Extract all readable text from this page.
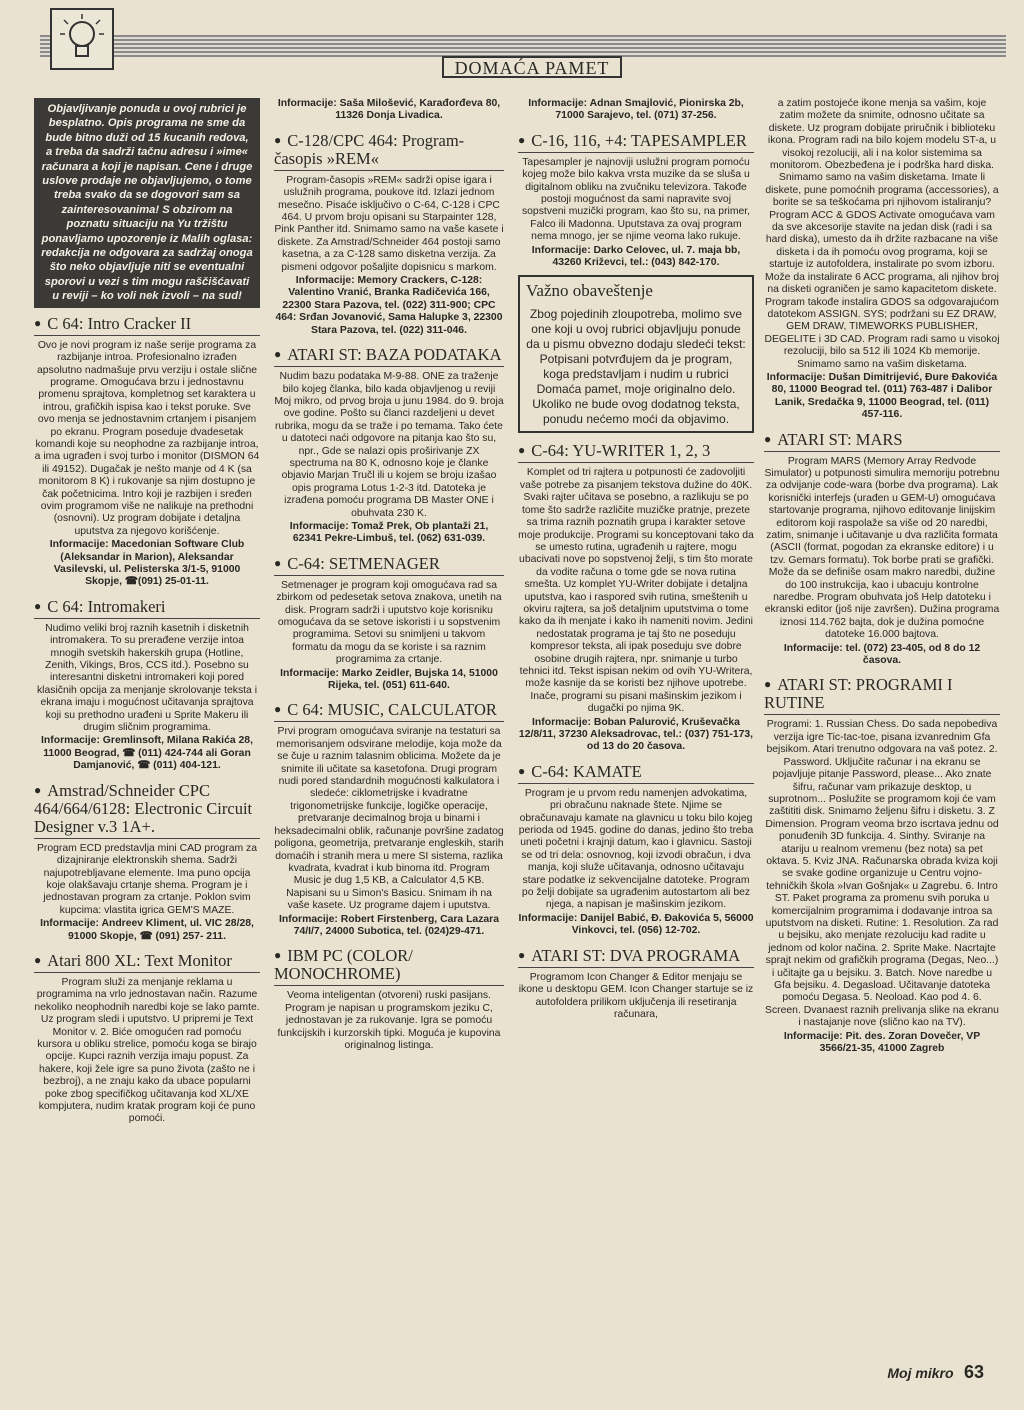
DOMAĆA PAMET
Objavljivanje ponuda u ovoj rubrici je besplatno. Opis programa ne sme da bude bitno duži od 15 kucanih redova, a treba da sadrži tačnu adresu i »ime« računara a koji je napisan. Cene i druge uslove prodaje ne objavljujemo, o tome treba svako da se dogovori sam sa zainteresovanima! S obzirom na poznatu situaciju na Yu tržištu ponavljamo upozorenje iz Malih oglasa: redakcija ne odgovara za sadržaj onoga što neko objavljuje niti se eventualni sporovi u vezi s tim mogu raščišćavati u reviji – ko voli nek izvoli – na sud!
● C 64: Intro Cracker II
Ovo je novi program iz naše serije programa za razbijanje introa. Profesionalno izrađen apsolutno nadmašuje prvu verziju i ostale slične programe. Omogućava brzu i jednostavnu promenu sprajtova, kompletnog set karaktera u introu, grafičkih ispisa kao i tekst poruke. Sve ovo menja se jednostavnim crtanjem i pisanjem po ekranu. Program poseduje dvadesetak komandi koje su neophodne za razbijanje introa, a ima ugrađen i svoj turbo i monitor (DISMON 64 ili 49152). Dugačak je nešto manje od 4 K (sa monitorom 8 K) i rukovanje sa njim dostupno je čak početnicima. Intro koji je razbijen i sređen ovim programom više ne nalikuje na prethodni (osnovni). Uz program dobijate i detaljna uputstva za njegovo korišćenje.
Informacije: Macedonian Software Club (Aleksandar in Marion), Aleksandar Vasilevski, ul. Pelisterska 3/1-5, 91000 Skopje, ☎(091) 25-01-11.
● C 64: Intromakeri
Nudimo veliki broj raznih kasetnih i disketnih intromakera. To su prerađene verzije intoa mnogih svetskih hakerskih grupa (Hotline, Zenith, Vikings, Bros, CCS itd.). Posebno su interesantni disketni intromakeri koji pored klasičnih opcija za menjanje skrolovanje teksta i ekrana imaju i mogućnost učitavanja sprajtova koji su prethodno urađeni u Sprite Makeru ili drugim sličnim programima.
Informacije: Gremlinsoft, Milana Rakića 28, 11000 Beograd, ☎ (011) 424-744 ali Goran Damjanović, ☎ (011) 404-121.
● Amstrad/Schneider CPC 464/664/6128: Electronic Circuit Designer v.3 1A+.
Program ECD predstavlja mini CAD program za dizajniranje elektronskih shema. Sadrži najupotrebljavane elemente. Ima puno opcija koje olakšavaju crtanje shema. Program je i jednostavan program za crtanje. Poklon svim kupcima: vlastita igrica GEM'S MAZE.
Informacije: Andreev Kliment, ul. VIC 28/28, 91000 Skopje, ☎ (091) 257- 211.
● Atari 800 XL: Text Monitor
Program služi za menjanje reklama u programima na vrlo jednostavan način. Razume nekoliko neophodnih naredbi koje se lako pamte. Uz program sledi i uputstvo. U pripremi je Text Monitor v. 2. Biće omogućen rad pomoću kursora u obliku strelice, pomoću koga se birajo opcije. Kupci raznih verzija imaju popust. Za hakere, koji žele igre sa puno života (zašto ne i bezbroj), a ne znaju kako da ubace popularni poke zbog specifičkog učitavanja kod XL/XE kompjutera, nudim kratak program koji će puno pomoći.
Informacije: Saša Milošević, Karađorđeva 80, 11326 Donja Livadica.
● C-128/CPC 464: Program-časopis »REM«
Program-časopis »REM« sadrži opise igara i uslužnih programa, poukove itd. Izlazi jednom mesečno. Pisaće isključivo o C-64, C-128 i CPC 464. U prvom broju opisani su Starpainter 128, Pink Panther itd. Snimamo samo na vaše kasete i diskete. Za Amstrad/Schneider 464 postoji samo kasetna, a za C-128 samo disketna verzija. Za pismeni odgovor pošaljite dopisnicu s markom.
Informacije: Memory Crackers, C-128: Valentino Vranić, Branka Radičevića 166, 22300 Stara Pazova, tel. (022) 311-900; CPC 464: Srđan Jovanović, Sama Halupke 3, 22300 Stara Pazova, tel. (022) 311-046.
● ATARI ST: BAZA PODATAKA
Nudim bazu podataka M-9-88. ONE za traženje bilo kojeg članka, bilo kada objavljenog u reviji Moj mikro, od prvog broja u junu 1984. do 9. broja ove godine. Pošto su članci razdeljeni u devet rubrika, mogu da se traže i po temama. Tako ćete u datoteci naći odgovore na pitanja kao što su, npr., Gde se nalazi opis proširivanje ZX spectruma na 80 K, odnosno koje je članke objavio Marjan Tručl ili u kojem se broju izašao opis programa Lotus 1-2-3 itd. Datoteka je izrađena pomoću programa DB Master ONE i obuhvata 230 K.
Informacije: Tomaž Prek, Ob plantaži 21, 62341 Pekre-Limbuš, tel. (062) 631-039.
● C-64: SETMENAGER
Setmenager je program koji omogućava rad sa zbirkom od pedesetak setova znakova, unetih na disk. Program sadrži i uputstvo koje korisniku omogućava da se setove iskoristi i u sopstvenim programima. Setovi su snimljeni u takvom formatu da mogu da se koriste i sa raznim programima za crtanje.
Informacije: Marko Zeidler, Bujska 14, 51000 Rijeka, tel. (051) 611-640.
● C 64: MUSIC, CALCULATOR
Prvi program omogućava sviranje na testaturi sa memorisanjem odsvirane melodije, koja može da se čuje u raznim talasnim oblicima. Možete da je snimite ili učitate sa kasetofona. Drugi program nudi pored standardnih mogućnosti kalkulatora i sledeće: ciklometrijske i kvadratne trigonometrijske funkcije, logičke operacije, pretvaranje decimalnog broja u binarni i heksadecimalni oblik, računanje površine zadatog poligona, geometrija, pretvaranje engleskih, starih domaćih i stranih mera u mere SI sistema, razlika kvadrata, kvadrat i kub binoma itd. Program Music je dug 1,5 KB, a Calculator 4,5 KB. Napisani su u Simon's Basicu. Snimam ih na vaše kasete. Uz programe dajem i uputstva.
Informacije: Robert Firstenberg, Cara Lazara 74/I/7, 24000 Subotica, tel. (024)29-471.
● IBM PC (COLOR/ MONOCHROME)
Veoma inteligentan (otvoreni) ruski pasijans. Program je napisan u programskom jeziku C, jednostavan je za rukovanje. Igra se pomoću funkcijskih i kurzorskih tipki. Moguća je kupovina originalnog listinga.
Informacije: Adnan Smajlović, Pionirska 2b, 71000 Sarajevo, tel. (071) 37-256.
● C-16, 116, +4: TAPESAMPLER
Tapesampler je najnoviji uslužni program pomoću kojeg može bilo kakva vrsta muzike da se sluša u digitalnom obliku na zvučniku televizora. Takođe postoji mogućnost da sami napravite svoj sopstveni muzički program, kao što su, na primer, Falco ili Madonna. Uputstava za ovaj program nema mnogo, jer se njime veoma lako rukuje.
Informacije: Darko Celovec, ul. 7. maja bb, 43260 Križevci, tel.: (043) 842-170.
Važno obaveštenje
Zbog pojedinih zloupotreba, molimo sve one koji u ovoj rubrici objavljuju ponude da u pismu obvezno dodaju sledeći tekst: Potpisani potvrđujem da je program, koga predstavljam i nudim u rubrici Domaća pamet, moje originalno delo. Ukoliko ne bude ovog dodatnog teksta, ponudu nećemo moći da objavimo.
● C-64: YU-WRITER 1, 2, 3
Komplet od tri rajtera u potpunosti će zadovoljiti vaše potrebe za pisanjem tekstova dužine do 40K. Svaki rajter učitava se posebno, a razlikuju se po tome što sadrže različite muzičke pratnje, prezete sa trima raznih poznatih grupa i karakter setove moje produkcije. Programi su konceptovani tako da se umesto rutina, ugrađenih u rajtere, mogu ubacivati nove po sopstvenoj želji, s tim što morate da vodite računa o tome gde se nova rutina smešta. Uz komplet YU-Writer dobijate i detaljna uputstva, kao i raspored svih rutina, smeštenih u okviru rajtera, sa još detaljnim uputstvima o tome kako da ih menjate i kako ih nameniti novim. Jedini nedostatak programa je taj što ne poseduju kompresor teksta, ali ipak poseduju sve dobre osobine drugih rajtera, npr. snimanje u turbo tehnici itd. Tekst ispisan nekim od ovih YU-Writera, može kasnije da se koristi bez njihove upotrebe. Inače, programi su pisani mašinskim jezikom i dugački po njima 9K.
Informacije: Boban Palurović, Kruševačka 12/8/11, 37230 Aleksadrovac, tel.: (037) 751-173, od 13 do 20 časova.
● C-64: KAMATE
Program je u prvom redu namenjen advokatima, pri obračunu naknade štete. Njime se obračunavaju kamate na glavnicu u toku bilo kojeg perioda od 1945. godine do danas, jedino što treba uneti početni i krajnji datum, kao i glavnicu. Sastoji se od tri dela: osnovnog, koji izvodi obračun, i dva manja, koji služe učitavanja, odnosno učitavaju stare podatke iz sekvencijalne datoteke. Program po želji dobijate sa ugrađenim autostartom ali bez njega, a napisan je mašinskim jezikom.
Informacije: Danijel Babić, Đ. Đakovića 5, 56000 Vinkovci, tel. (056) 12-702.
● ATARI ST: DVA PROGRAMA
Programom Icon Changer & Editor menjaju se ikone u desktopu GEM. Icon Changer startuje se iz autofoldera prilikom uključenja ili resetiranja računara,
a zatim postojeće ikone menja sa vašim, koje zatim možete da snimite, odnosno učitate sa diskete. Uz program dobijate priručnik i biblioteku ikona. Program radi na bilo kojem modelu ST-a, u visokoj rezoluciji, ali i na kolor sistemima sa monitorom. Obezbeđena je i podrška hard diska. Snimamo samo na vašim disketama. Imate li diskete, pune pomoćnih programa (accessories), a borite se sa teškoćama pri njihovom istaliranju? Program ACC & GDOS Activate omogućava vam da sve akcesorije stavite na jedan disk (radi i sa hard diska), umesto da ih držite razbacane na više disketa i da ih pomoću ovog programa, koji se startuje iz autofoldera, instalirate po svom izboru. Može da instalirate 6 ACC programa, ali njihov broj na disketi ograničen je samo kapacitetom diskete. Program takođe instalira GDOS sa odgovarajućom datotekom ASSIGN. SYS; podržani su EZ DRAW, GEM DRAW, TIMEWORKS PUBLISHER, DEGELITE i 3D CAD. Program radi samo u visokoj rezoluciji, bilo sa 512 ili 1024 Kb memorije. Snimamo samo na vašim disketama.
Informacije: Dušan Dimitrijević, Đure Đakovića 80, 11000 Beograd tel. (011) 763-487 i Dalibor Lanik, Sredačka 9, 11000 Beograd, tel. (011) 457-116.
● ATARI ST: MARS
Program MARS (Memory Array Redvode Simulator) u potpunosti simulira memoriju potrebnu za odvijanje code-wara (borbe dva programa). Lak korisnički interfejs (urađen u GEM-U) omogućava startovanje programa, njihovo editovanje linijskim editorom koji raspolaže sa više od 20 naredbi, zatim, snimanje i učitavanje u dva različita formata (ASCII (format, pogodan za ekranske editore) i u tzv. Gemars formatu). Tok borbe prati se grafički. Može da se definiše osam makro naredbi, dužine do 100 instrukcija, kao i ubacuju kontrolne naredbe. Program obuhvata još Help datoteku i ekranski editor (još nije završen). Dužina programa iznosi 114.762 bajta, dok je dužina pomoćne datoteke 16.000 bajtova.
Informacije: tel. (072) 23-405, od 8 do 12 časova.
● ATARI ST: PROGRAMI I RUTINE
Programi: 1. Russian Chess. Do sada nepobediva verzija igre Tic-tac-toe, pisana izvanrednim Gfa bejsikom. Atari trenutno odgovara na vaš potez. 2. Password. Uključite računar i na ekranu se pojavljuje pitanje Password, please... Ako znate šifru, računar vam prikazuje desktop, u suprotnom... Poslužite se programom koji će vam zaštititi disk. Snimamo željenu šifru i disketu. 3. Z Dimension. Program veoma brzo iscrtava jednu od ponuđenih 3D funkcija. 4. Sinthy. Sviranje na atariju u realnom vremenu (bez nota) sa pet oktava. 5. Kviz JNA. Računarska obrada kviza koji se svake godine organizuje u Centru vojno-tehničkih škola »Ivan Gošnjak« u Zagrebu. 6. Intro ST. Paket programa za promenu svih poruka u komercijalnim programima i dodavanje introa sa uputstvom na disketi. Rutine: 1. Resolution. Za rad u bejsiku, ako menjate rezoluciju kad radite u jednom od kolor načina. 2. Sprite Make. Nacrtajte sprajt nekim od grafičkih programa (Degas, Neo...) i učitajte ga u bejsiku. 3. Batch. Nove naredbe u Gfa bejsiku. 4. Degasload. Učitavanje datoteka pomoću Degasa. 5. Neoload. Kao pod 4. 6. Screen. Dvanaest raznih prelivanja slike na ekranu i nastajanje nove (slično kao na TV).
Informacije: Pit. des. Zoran Dovečer, VP 3566/21-35, 41000 Zagreb
Moj mikro 63
